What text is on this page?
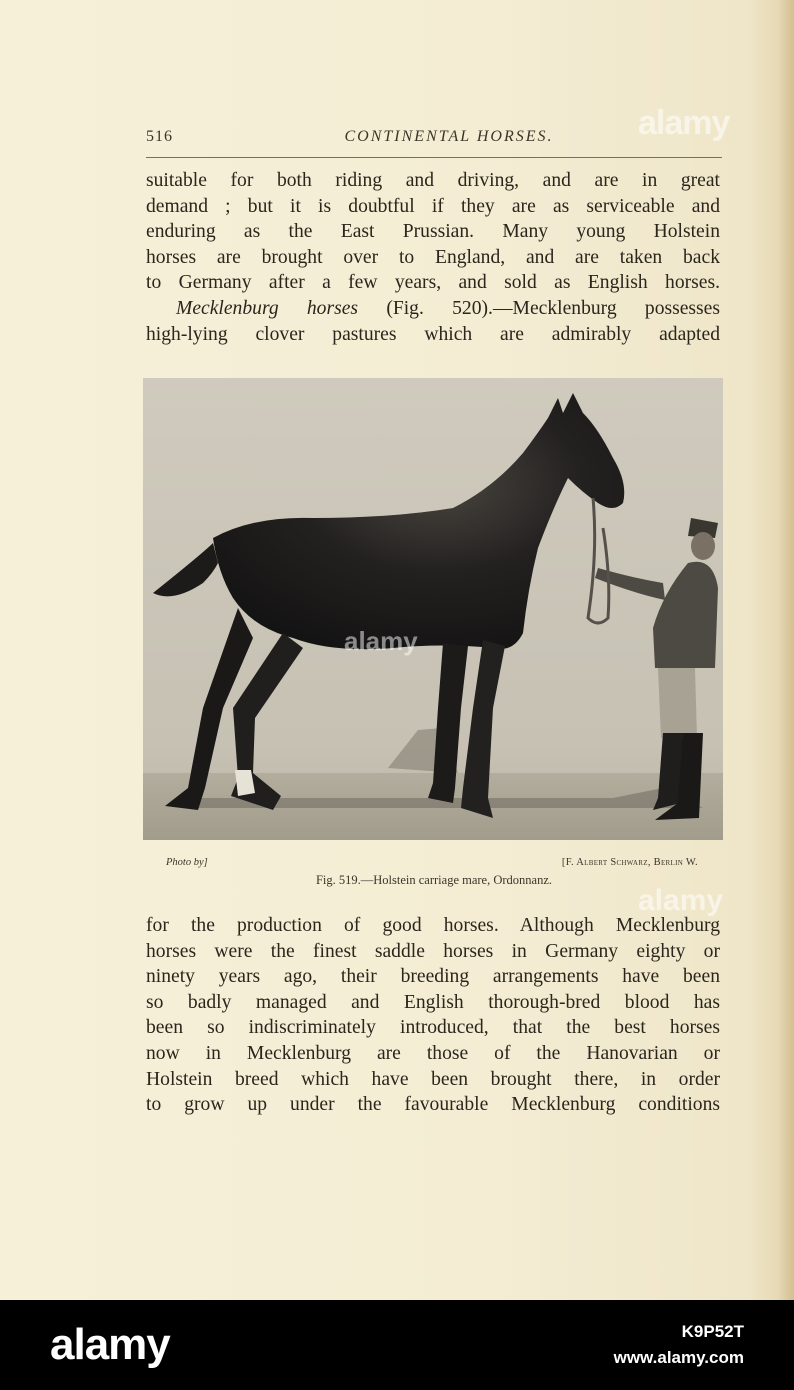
516	CONTINENTAL HORSES.
suitable for both riding and driving, and are in great
demand ; but it is doubtful if they are as serviceable and
enduring as the East Prussian. Many young Holstein
horses are brought over to England, and are taken back
to Germany after a few years, and sold as English horses.
Mecklenburg horses (Fig. 520).—Mecklenburg possesses
high-lying clover pastures which are admirably adapted
alamy
alamy
alamy
Photo by]	[F. Albert Schwarz, Berlin W.
Fig. 519.—Holstein carriage mare, Ordonnanz.
for the production of good horses. Although Mecklenburg
horses were the finest saddle horses in Germany eighty or
ninety years ago, their breeding arrangements have been
so badly managed and English thorough-bred blood has
been so indiscriminately introduced, that the best horses
now in Mecklenburg are those of the Hanovarian or
Holstein breed which have been brought there, in order
to grow up under the favourable Mecklenburg conditions
alamy	K9P52T
www.alamy.com
